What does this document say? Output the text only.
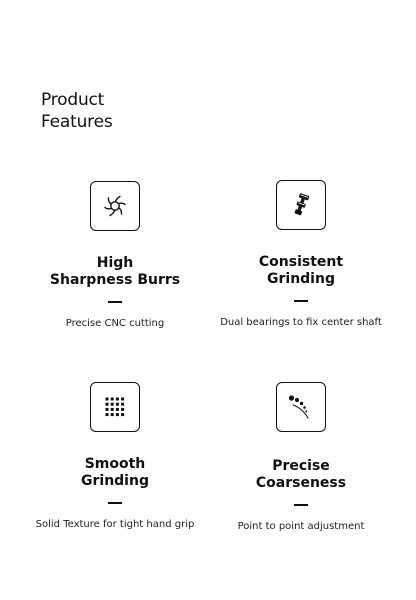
Product
Features
High
Sharpness Burrs
Precise CNC cutting
Consistent
Grinding
Dual bearings to fix center shaft
Smooth
Grinding
Solid Texture for tight hand grip
Precise
Coarseness
Point to point adjustment
